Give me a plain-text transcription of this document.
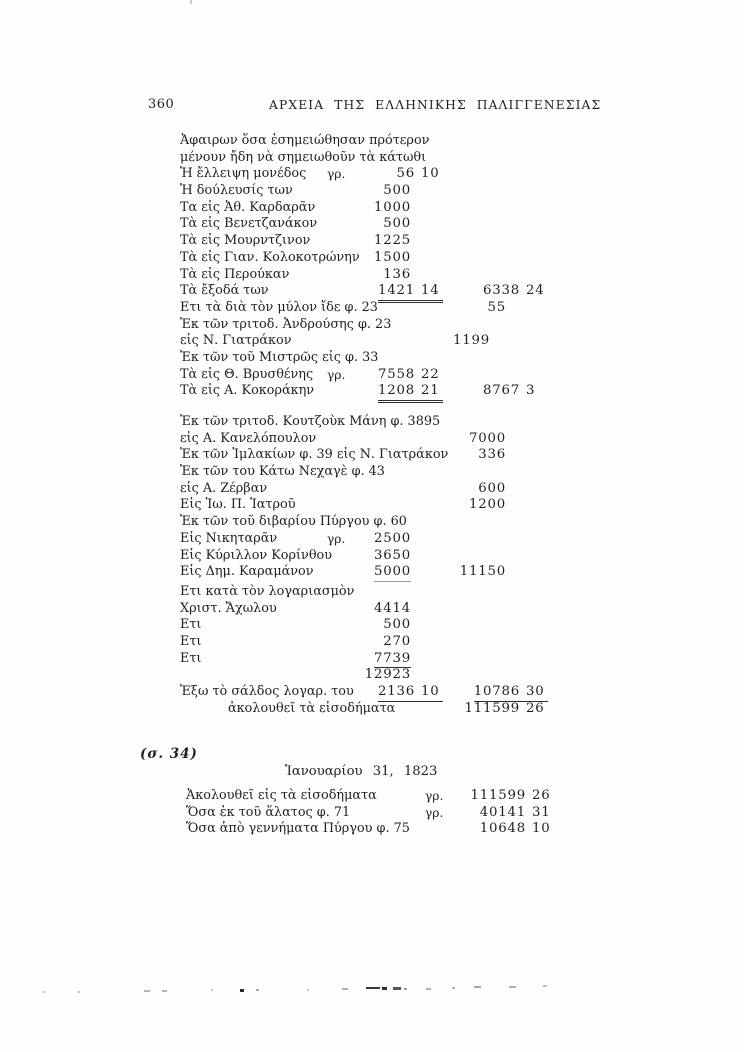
360	ΑΡΧΕΙΑ ΤΗΣ ΕΛΛΗΝΙΚΗΣ ΠΑΛΙΓΓΕΝΕΣΙΑΣ
Ἀφαιρων ὅσα ἐσημειώθησαν πρότερον
μένουν ἤδη νὰ σημειωθοῦν τὰ κάτωθι
Ἡ ἔλλειψη μονέδος γρ.	56 10
Ἡ δούλευσίς των	500
Τα εἰς Ἀθ. Καρδαρᾶν	1000
Τὰ εἰς Βενετζανάκον	500
Τὰ εἰς Μουρντζινον	1225
Τὰ εἰς Γιαν. Κολοκοτρώνην	1500
Τὰ εἰς Περούκαν	136
Τὰ ἔξοδά των	1421 14	6338 24
Ετι τὰ διὰ τὸν μύλον ἴδε φ. 23	55
Ἐκ τῶν τριτοδ. Ἀνδρούσης φ. 23
εἰς Ν. Γιατράκον	1199
Ἐκ τῶν τοῦ Μιστρῶς εἰς φ. 33
Τὰ εἰς Θ. Βρυσθένης γρ.	7558 22
Τὰ εἰς Α. Κοκοράκην	1208 21	8767 3
Ἐκ τῶν τριτοδ. Κουτζοὺκ Μάνη φ. 3895
εἰς Α. Κανελόπουλον	7000
Ἐκ τῶν Ἰμλακίων φ. 39 εἰς Ν. Γιατράκον	336
Ἐκ τῶν του Κάτω Νεχαγὲ φ. 43
εἰς Α. Ζέρβαν	600
Εἰς Ἰω. Π. Ἰατροῦ	1200
Ἐκ τῶν τοῦ διβαρίου Πύργου φ. 60
Εἰς Νικηταρᾶν	γρ.	2500
Εἰς Κύριλλον Κορίνθου	3650
Εἰς Δημ. Καραμάνον	5000	11150
Ετι κατὰ τὸν λογαριασμὸν
Χριστ. Ἄχωλου	4414
Ετι	500
Ετι	270
Ετι	7739
12923
Ἐξω τὸ σάλδος λογαρ. του	2136 10	10786 30
ἀκολουθεῖ τὰ εἰσοδήματα	111599 26
(σ. 34)
Ἰανουαρίου 31, 1823
Ἀκολουθεῖ εἰς τὰ εἰσοδήματα	γρ.	111599 26
Ὅσα ἐκ τοῦ ἅλατος φ. 71	γρ.	40141 31
Ὅσα ἀπὸ γεννήματα Πύργου φ. 75	10648 10
